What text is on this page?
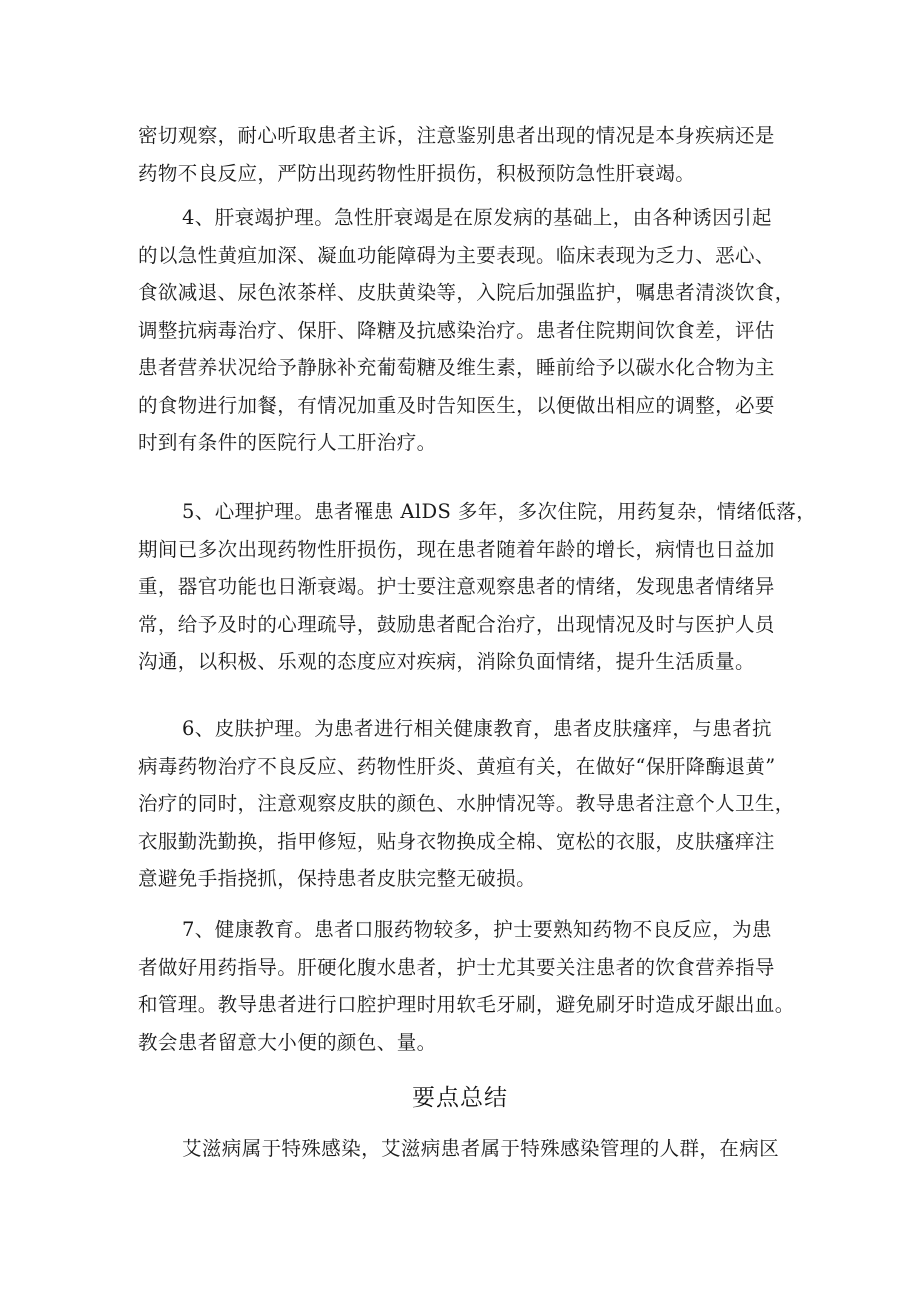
密切观察，耐心听取患者主诉，注意鉴别患者出现的情况是本身疾病还是
药物不良反应，严防出现药物性肝损伤，积极预防急性肝衰竭。

4、肝衰竭护理。急性肝衰竭是在原发病的基础上，由各种诱因引起
的以急性黄疸加深、凝血功能障碍为主要表现。临床表现为乏力、恶心、
食欲减退、尿色浓茶样、皮肤黄染等，入院后加强监护，嘱患者清淡饮食，
调整抗病毒治疗、保肝、降糖及抗感染治疗。患者住院期间饮食差，评估
患者营养状况给予静脉补充葡萄糖及维生素，睡前给予以碳水化合物为主
的食物进行加餐，有情况加重及时告知医生，以便做出相应的调整，必要
时到有条件的医院行人工肝治疗。

5、心理护理。患者罹患 AlDS 多年，多次住院，用药复杂，情绪低落，
期间已多次出现药物性肝损伤，现在患者随着年龄的增长，病情也日益加
重，器官功能也日渐衰竭。护士要注意观察患者的情绪，发现患者情绪异
常，给予及时的心理疏导，鼓励患者配合治疗，出现情况及时与医护人员
沟通，以积极、乐观的态度应对疾病，消除负面情绪，提升生活质量。

6、皮肤护理。为患者进行相关健康教育，患者皮肤瘙痒，与患者抗
病毒药物治疗不良反应、药物性肝炎、黄疸有关，在做好“保肝降酶退黄”
治疗的同时，注意观察皮肤的颜色、水肿情况等。教导患者注意个人卫生，
衣服勤洗勤换，指甲修短，贴身衣物换成全棉、宽松的衣服，皮肤瘙痒注
意避免手指挠抓，保持患者皮肤完整无破损。

7、健康教育。患者口服药物较多，护士要熟知药物不良反应，为患
者做好用药指导。肝硬化腹水患者，护士尤其要关注患者的饮食营养指导
和管理。教导患者进行口腔护理时用软毛牙刷，避免刷牙时造成牙龈出血。
教会患者留意大小便的颜色、量。

要点总结

艾滋病属于特殊感染，艾滋病患者属于特殊感染管理的人群，在病区
